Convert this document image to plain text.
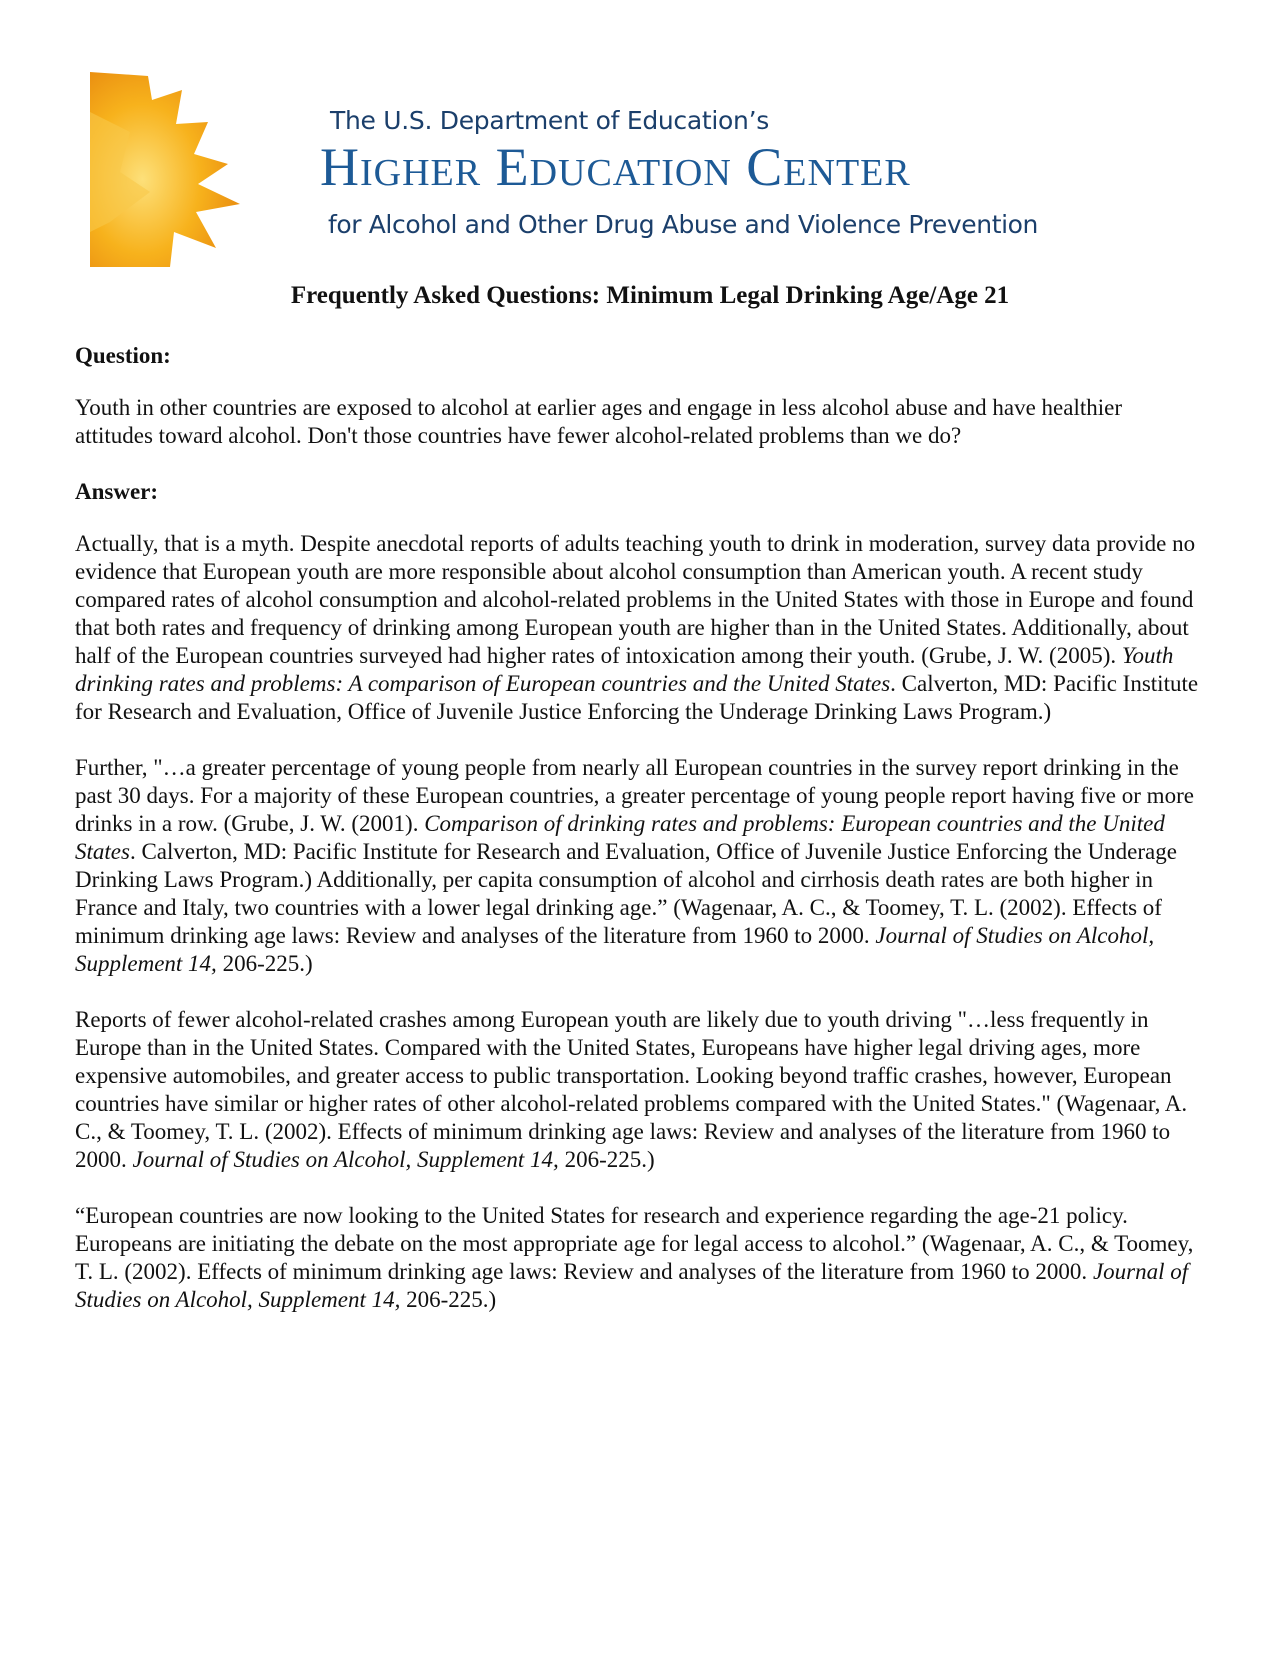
The U.S. Department of Education’s
Higher Education Center
for Alcohol and Other Drug Abuse and Violence Prevention
Frequently Asked Questions: Minimum Legal Drinking Age/Age 21
Question:

Youth in other countries are exposed to alcohol at earlier ages and engage in less alcohol abuse and have healthier attitudes toward alcohol. Don't those countries have fewer alcohol-related problems than we do?

Answer:

Actually, that is a myth. Despite anecdotal reports of adults teaching youth to drink in moderation, survey data provide no evidence that European youth are more responsible about alcohol consumption than American youth. A recent study compared rates of alcohol consumption and alcohol-related problems in the United States with those in Europe and found that both rates and frequency of drinking among European youth are higher than in the United States. Additionally, about half of the European countries surveyed had higher rates of intoxication among their youth. (Grube, J. W. (2005). Youth drinking rates and problems: A comparison of European countries and the United States. Calverton, MD: Pacific Institute for Research and Evaluation, Office of Juvenile Justice Enforcing the Underage Drinking Laws Program.)

Further, "…a greater percentage of young people from nearly all European countries in the survey report drinking in the past 30 days. For a majority of these European countries, a greater percentage of young people report having five or more drinks in a row. (Grube, J. W. (2001). Comparison of drinking rates and problems: European countries and the United States. Calverton, MD: Pacific Institute for Research and Evaluation, Office of Juvenile Justice Enforcing the Underage Drinking Laws Program.) Additionally, per capita consumption of alcohol and cirrhosis death rates are both higher in France and Italy, two countries with a lower legal drinking age.” (Wagenaar, A. C., & Toomey, T. L. (2002). Effects of minimum drinking age laws: Review and analyses of the literature from 1960 to 2000. Journal of Studies on Alcohol, Supplement 14, 206-225.)

Reports of fewer alcohol-related crashes among European youth are likely due to youth driving "…less frequently in Europe than in the United States. Compared with the United States, Europeans have higher legal driving ages, more expensive automobiles, and greater access to public transportation. Looking beyond traffic crashes, however, European countries have similar or higher rates of other alcohol-related problems compared with the United States." (Wagenaar, A. C., & Toomey, T. L. (2002). Effects of minimum drinking age laws: Review and analyses of the literature from 1960 to 2000. Journal of Studies on Alcohol, Supplement 14, 206-225.)

“European countries are now looking to the United States for research and experience regarding the age-21 policy. Europeans are initiating the debate on the most appropriate age for legal access to alcohol.” (Wagenaar, A. C., & Toomey, T. L. (2002). Effects of minimum drinking age laws: Review and analyses of the literature from 1960 to 2000. Journal of Studies on Alcohol, Supplement 14, 206-225.)
